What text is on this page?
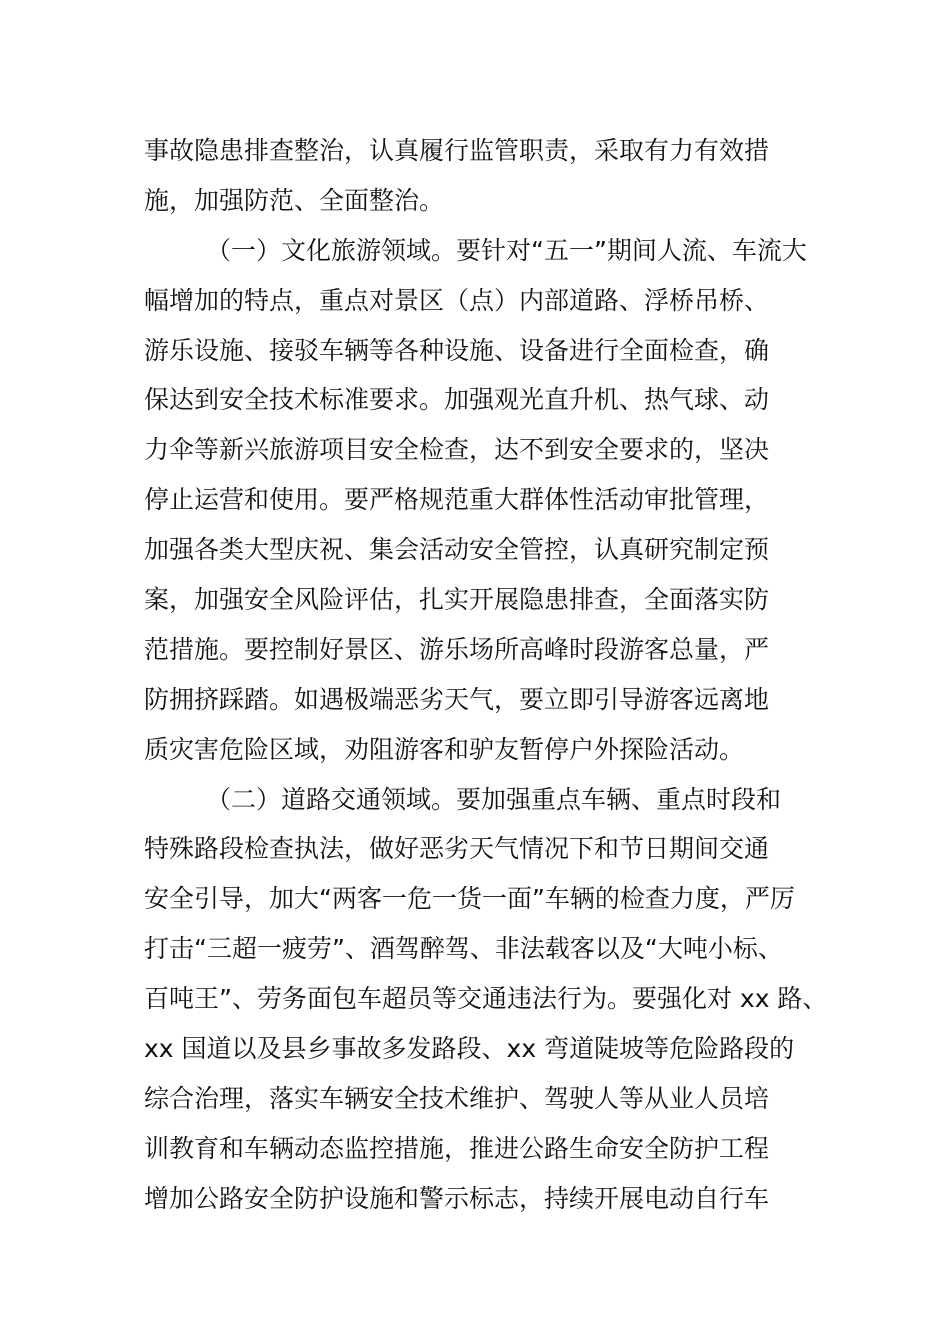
事故隐患排查整治，认真履行监管职责，采取有力有效措
施，加强防范、全面整治。
（一）文化旅游领域。要针对“五一”期间人流、车流大
幅增加的特点，重点对景区（点）内部道路、浮桥吊桥、
游乐设施、接驳车辆等各种设施、设备进行全面检查，确
保达到安全技术标准要求。加强观光直升机、热气球、动
力伞等新兴旅游项目安全检查，达不到安全要求的，坚决
停止运营和使用。要严格规范重大群体性活动审批管理，
加强各类大型庆祝、集会活动安全管控，认真研究制定预
案，加强安全风险评估，扎实开展隐患排查，全面落实防
范措施。要控制好景区、游乐场所高峰时段游客总量，严
防拥挤踩踏。如遇极端恶劣天气，要立即引导游客远离地
质灾害危险区域，劝阻游客和驴友暂停户外探险活动。
（二）道路交通领域。要加强重点车辆、重点时段和
特殊路段检查执法，做好恶劣天气情况下和节日期间交通
安全引导，加大“两客一危一货一面”车辆的检查力度，严厉
打击“三超一疲劳”、酒驾醉驾、非法载客以及“大吨小标、
百吨王”、劳务面包车超员等交通违法行为。要强化对 xx 路、
xx 国道以及县乡事故多发路段、xx 弯道陡坡等危险路段的
综合治理，落实车辆安全技术维护、驾驶人等从业人员培
训教育和车辆动态监控措施，推进公路生命安全防护工程
增加公路安全防护设施和警示标志，持续开展电动自行车
